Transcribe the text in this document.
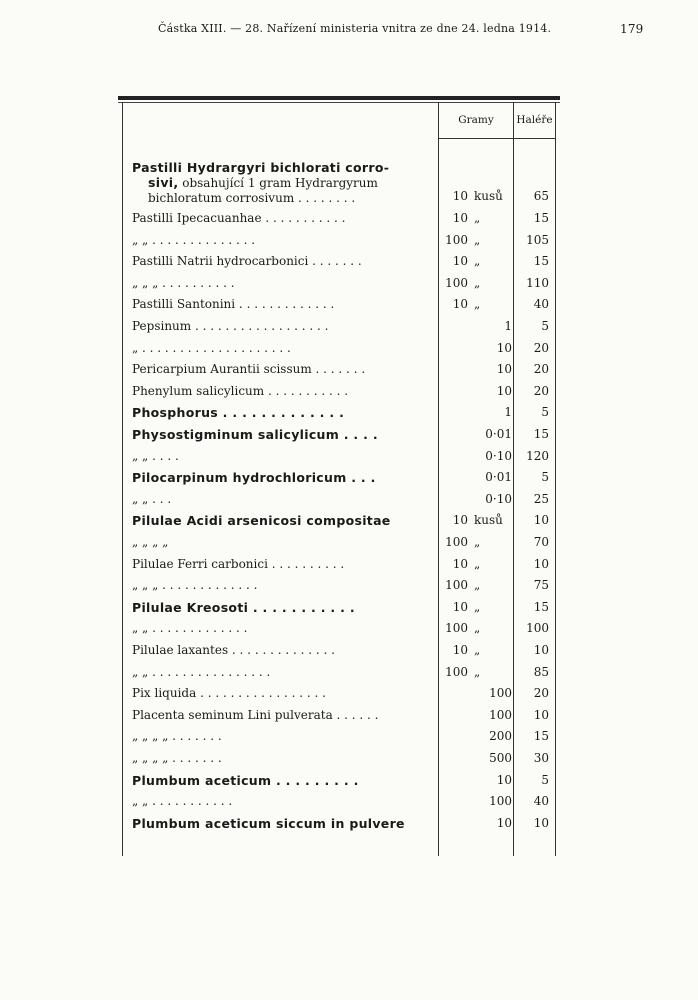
Částka XIII. — 28. Nařízení ministeria vnitra ze dne 24. ledna 1914.	179
Gramy	Haléře
Pastilli Hydrargyri bichlorati corro-
sivi, obsahující 1 gram Hydrargyrum
bichloratum corrosivum . . . . . . . .	10 kusů	65
Pastilli Ipecacuanhae . . . . . . . . . . .	10 „	15
„ „ . . . . . . . . . . . . . .	100 „	105
Pastilli Natrii hydrocarbonici . . . . . . .	10 „	15
„ „ „ . . . . . . . . . .	100 „	110
Pastilli Santonini . . . . . . . . . . . . .	10 „	40
Pepsinum . . . . . . . . . . . . . . . . . .	1	5
„ . . . . . . . . . . . . . . . . . . . .	10	20
Pericarpium Aurantii scissum . . . . . . .	10	20
Phenylum salicylicum . . . . . . . . . . .	10	20
Phosphorus . . . . . . . . . . . . .	1	5
Physostigminum salicylicum . . . .	0·01	15
„ „ . . . .	0·10	120
Pilocarpinum hydrochloricum . . .	0·01	5
„ „ . . .	0·10	25
Pilulae Acidi arsenicosi compositae	10 kusů	10
„ „ „ „	100 „	70
Pilulae Ferri carbonici . . . . . . . . . .	10 „	10
„ „ „ . . . . . . . . . . . . .	100 „	75
Pilulae Kreosoti . . . . . . . . . . .	10 „	15
„ „ . . . . . . . . . . . . .	100 „	100
Pilulae laxantes . . . . . . . . . . . . . .	10 „	10
„ „ . . . . . . . . . . . . . . . .	100 „	85
Pix liquida . . . . . . . . . . . . . . . . .	100	20
Placenta seminum Lini pulverata . . . . . .	100	10
„ „ „ „ . . . . . . .	200	15
„ „ „ „ . . . . . . .	500	30
Plumbum aceticum . . . . . . . . .	10	5
„ „ . . . . . . . . . . .	100	40
Plumbum aceticum siccum in pulvere	10	10
